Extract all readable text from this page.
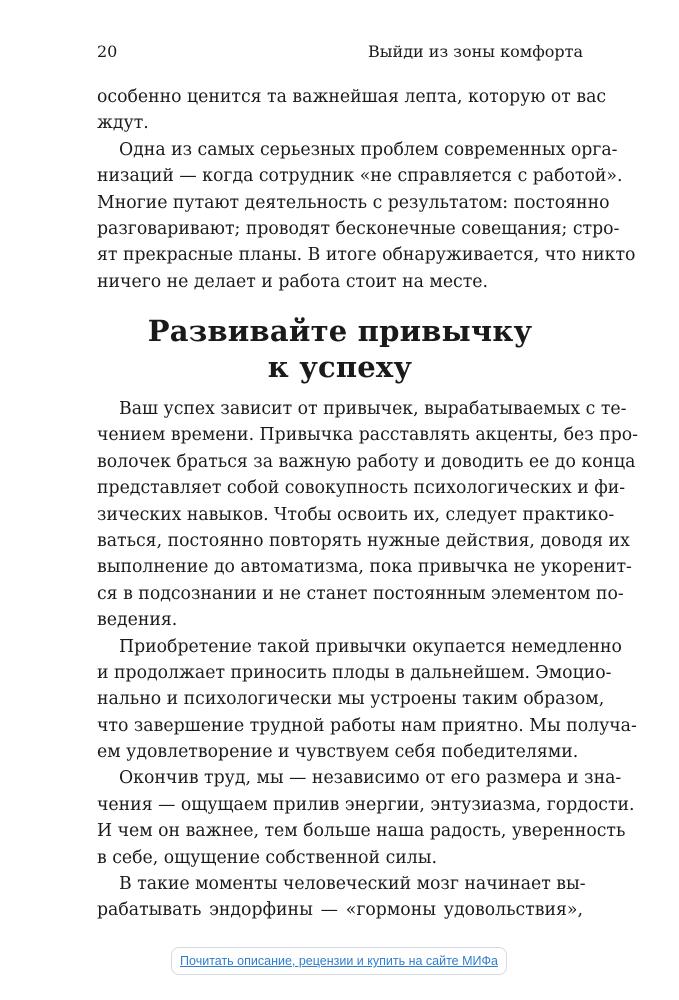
20	Выйди из зоны комфорта
особенно ценится та важнейшая лепта, которую от вас
ждут.
Одна из самых серьезных проблем современных орга-
низаций — когда сотрудник «не справляется с работой».
Многие путают деятельность с результатом: постоянно
разговаривают; проводят бесконечные совещания; стро-
ят прекрасные планы. В итоге обнаруживается, что никто
ничего не делает и работа стоит на месте.
Развивайте привычку
к успеху
Ваш успех зависит от привычек, вырабатываемых с те-
чением времени. Привычка расставлять акценты, без про-
волочек браться за важную работу и доводить ее до конца
представляет собой совокупность психологических и фи-
зических навыков. Чтобы освоить их, следует практико-
ваться, постоянно повторять нужные действия, доводя их
выполнение до автоматизма, пока привычка не укоренит-
ся в подсознании и не станет постоянным элементом по-
ведения.
Приобретение такой привычки окупается немедленно
и продолжает приносить плоды в дальнейшем. Эмоцио-
нально и психологически мы устроены таким образом,
что завершение трудной работы нам приятно. Мы получа-
ем удовлетворение и чувствуем себя победителями.
Окончив труд, мы — независимо от его размера и зна-
чения — ощущаем прилив энергии, энтузиазма, гордости.
И чем он важнее, тем больше наша радость, уверенность
в себе, ощущение собственной силы.
В такие моменты человеческий мозг начинает вы-
рабатывать эндорфины — «гормоны удовольствия»,
Почитать описание, рецензии и купить на сайте МИФа
